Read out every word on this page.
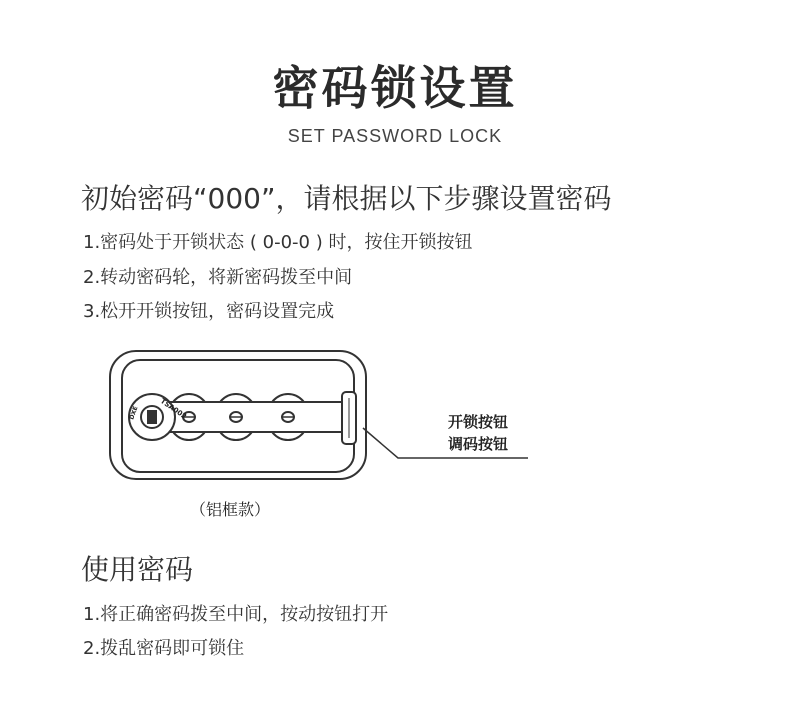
密码锁设置
SET PASSWORD LOCK
初始密码“000”，请根据以下步骤设置密码
1.密码处于开锁状态 ( 0-0-0 ) 时，按住开锁按钮
2.转动密码轮，将新密码拨至中间
3.松开开锁按钮，密码设置完成
TSA002
DXE	开锁按钮
调码按钮
（铝框款）
使用密码
1.将正确密码拨至中间，按动按钮打开
2.拨乱密码即可锁住
